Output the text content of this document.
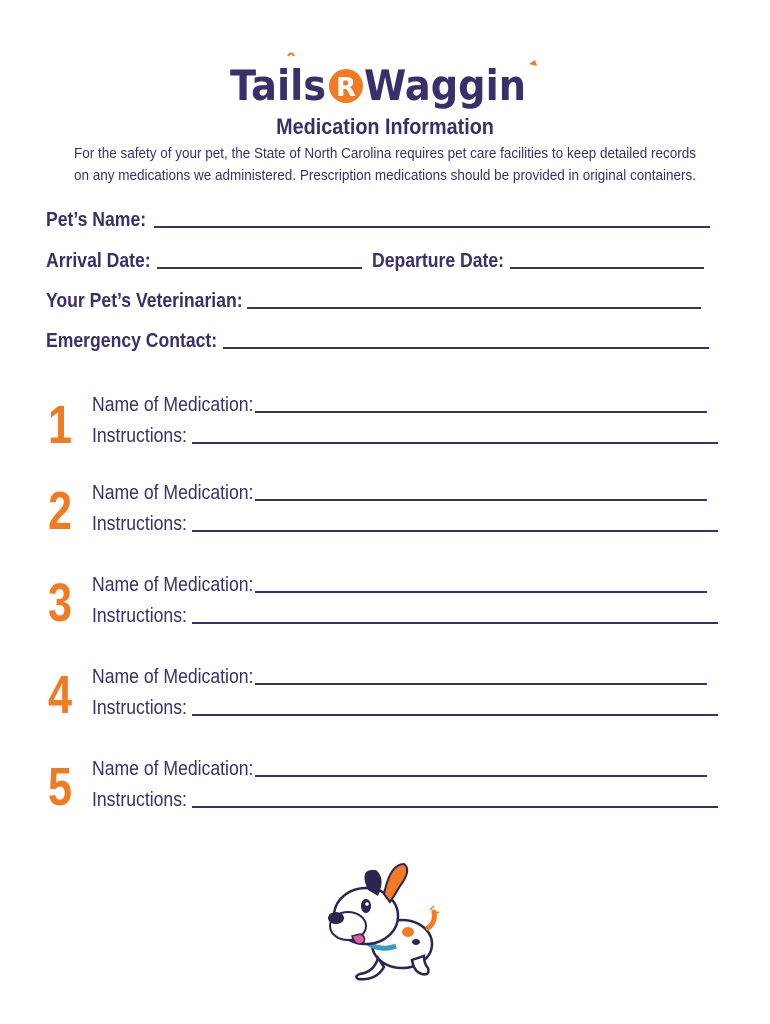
Tails R Waggin
Medication Information
For the safety of your pet, the State of North Carolina requires pet care facilities to keep detailed records
on any medications we administered. Prescription medications should be provided in original containers.
Pet’s Name:
Arrival Date:	Departure Date:
Your Pet’s Veterinarian:
Emergency Contact:
1 Name of Medication:
Instructions:
2 Name of Medication:
Instructions:
3 Name of Medication:
Instructions:
4 Name of Medication:
Instructions:
5 Name of Medication:
Instructions:
